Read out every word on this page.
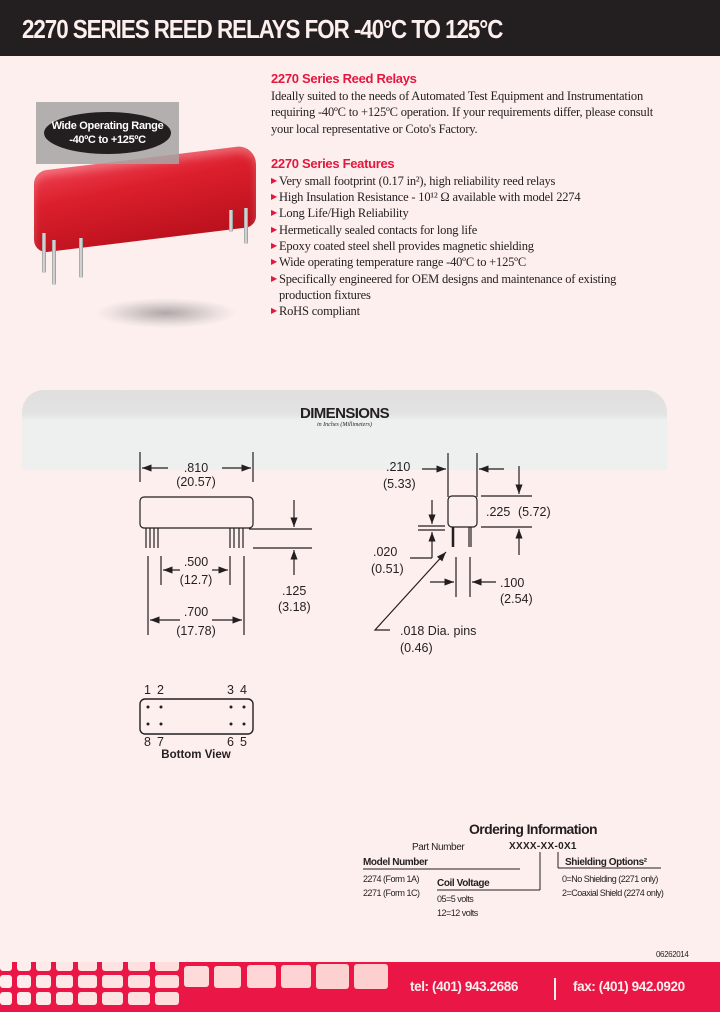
2270 SERIES REED RELAYS FOR -40°C TO 125°C
Wide Operating Range
-40ºC to +125ºC
2270 Series Reed Relays

Ideally suited to the needs of Automated Test Equipment and Instrumentation requiring -40ºC to +125ºC operation. If your requirements differ, please consult your local representative or Coto's Factory.

2270 Series Features
▶ Very small footprint (0.17 in²), high reliability reed relays
▶ High Insulation Resistance - 10¹² Ω available with model 2274
▶ Long Life/High Reliability
▶ Hermetically sealed contacts for long life
▶ Epoxy coated steel shell provides magnetic shielding
▶ Wide operating temperature range -40ºC to +125ºC
▶ Specifically engineered for OEM designs and maintenance of existing production fixtures
▶ RoHS compliant
DIMENSIONS
in Inches (Millimeters)
.810
(20.57)
.500
(12.7)
.700
(17.78)
.125
(3.18)
.210
(5.33)
.225 (5.72)
.020
(0.51)
.100
(2.54)
.018 Dia. pins
(0.46)
1 2	3 4
8 7	6 5
Bottom View
Ordering Information
Part Number	XXXX-XX-0X1
Model Number
2274 (Form 1A)
2271 (Form 1C)
Coil Voltage
05=5 volts
12=12 volts
Shielding Options²
0=No Shielding (2271 only)
2=Coaxial Shield (2274 only)
06262014
tel: (401) 943.2686	fax: (401) 942.0920
